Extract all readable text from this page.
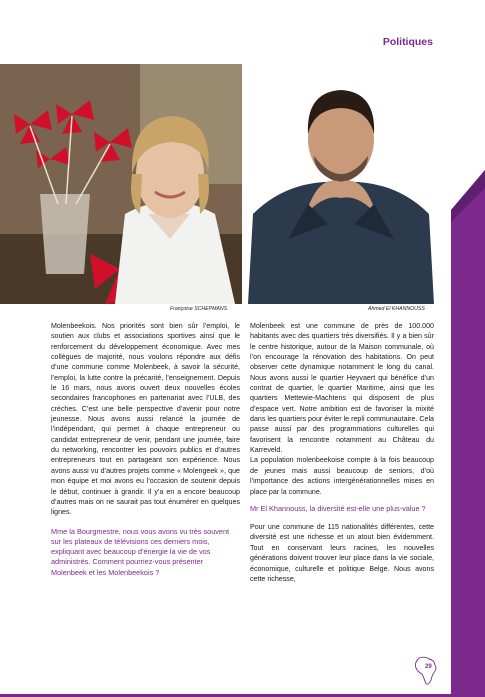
Politiques
Françoise SCHEPMANS	Ahmed El KHANNOUSS

Molenbeekois. Nos priorités sont bien sûr l’emploi, le soutien aux clubs et associations sportives ainsi que le renforcement du développement économique. Avec mes collègues de majorité, nous voulons répondre aux défis d’une commune comme Molenbeek, à savoir la sécurité, l’emploi, la lutte contre la précarité, l’enseignement. Depuis le 16 mars, nous avons ouvert deux nouvelles écoles secondaires francophones en partenariat avec l’ULB, des crèches. C’est une belle perspective d’avenir pour notre jeunesse. Nous avons aussi relancé la journée de l’indépendant, qui permet à chaque entrepreneur ou candidat entrepreneur de venir, pendant une journée, faire du networking, rencontrer les pouvoirs publics et d’autres entrepreneurs tout en partageant son expérience. Nous avons aussi vu d’autres projets comme « Molengeek », que mon équipe et moi avons eu l’occasion de soutenir depuis le début, continuer à grandir. Il y’a en a encore beaucoup d’autres mais on ne saurait pas tout énumérer en quelques lignes.

Mme la Bourgmestre, nous vous avons vu très souvent sur les plateaux de télévisions ces derniers mois, expliquant avec beaucoup d’énergie la vie de vos administrés. Comment pourriez-vous présenter Molenbeek et les Molenbeekois ?

Molenbeek est une commune de près de 100.000 habitants avec des quartiers très diversifiés. Il y a bien sûr le centre historique, autour de la Maison communale, où l’on encourage la rénovation des habitations. On peut observer cette dynamique notamment le long du canal. Nous avons aussi le quartier Heyvaert qui bénéfice d’un contrat de quartier, le quartier Maritime, ainsi que les quartiers Mettewie-Machtens qui disposent de plus d’espace vert. Notre ambition est de favoriser la mixité dans les quartiers pour éviter le repli communautaire. Cela passe aussi par des programmations culturelles qui favorisent la rencontre notamment au Château du Karreveld.

La population molenbeekoise compte à la fois beaucoup de jeunes mais aussi beaucoup de seniors, d’où l’importance des actions intergénérationnelles mises en place par la commune.

Mr El Khannouss, la diversité est-elle une plus-value ?

Pour une commune de 115 nationalités différentes, cette diversité est une richesse et un atout bien évidemment. Tout en conservant leurs racines, les nouvelles générations doivent trouver leur place dans la vie sociale, économique, culturelle et politique Belge. Nous avons cette richesse,

29
